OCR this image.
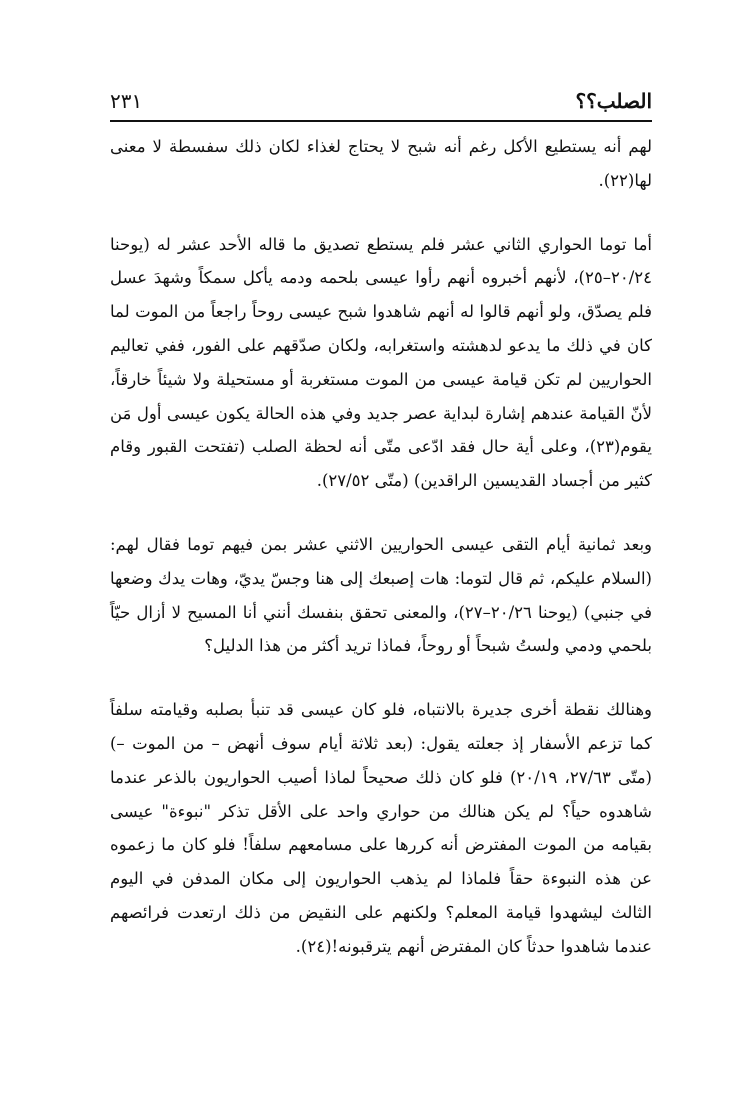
الصلب؟؟
٢٣١

لهم أنه يستطيع الأكل رغم أنه شبح لا يحتاج لغذاء لكان ذلك سفسطة لا معنى لها(٢٢).

أما توما الحواري الثاني عشر فلم يستطع تصديق ما قاله الأحد عشر له (يوحنا ٢٠/٢٤–٢٥)، لأنهم أخبروه أنهم رأوا عيسى بلحمه ودمه يأكل سمكاً وشهدَ عسل فلم يصدّق، ولو أنهم قالوا له أنهم شاهدوا شبح عيسى روحاً راجعاً من الموت لما كان في ذلك ما يدعو لدهشته واستغرابه، ولكان صدّقهم على الفور، ففي تعاليم الحواريين لم تكن قيامة عيسى من الموت مستغربة أو مستحيلة ولا شيئاً خارقاً، لأنّ القيامة عندهم إشارة لبداية عصر جديد وفي هذه الحالة يكون عيسى أول مَن يقوم(٢٣)، وعلى أية حال فقد ادّعى متّى أنه لحظة الصلب (تفتحت القبور وقام كثير من أجساد القديسين الراقدين) (متّى ٢٧/٥٢).

وبعد ثمانية أيام التقى عيسى الحواريين الاثني عشر بمن فيهم توما فقال لهم: (السلام عليكم، ثم قال لتوما: هات إصبعك إلى هنا وجسّ يديّ، وهات يدك وضعها في جنبي) (يوحنا ٢٠/٢٦–٢٧)، والمعنى تحقق بنفسك أنني أنا المسيح لا أزال حيّاً بلحمي ودمي ولستُ شبحاً أو روحاً، فماذا تريد أكثر من هذا الدليل؟

وهنالك نقطة أخرى جديرة بالانتباه، فلو كان عيسى قد تنبأ بصلبه وقيامته سلفاً كما تزعم الأسفار إذ جعلته يقول: (بعد ثلاثة أيام سوف أنهض – من الموت –) (متّى ٢٧/٦٣، ٢٠/١٩) فلو كان ذلك صحيحاً لماذا أصيب الحواريون بالذعر عندما شاهدوه حياً؟ لم يكن هنالك من حواري واحد على الأقل تذكر "نبوءة" عيسى بقيامه من الموت المفترض أنه كررها على مسامعهم سلفاً! فلو كان ما زعموه عن هذه النبوءة حقاً فلماذا لم يذهب الحواريون إلى مكان المدفن في اليوم الثالث ليشهدوا قيامة المعلم؟ ولكنهم على النقيض من ذلك ارتعدت فرائصهم عندما شاهدوا حدثاً كان المفترض أنهم يترقبونه!(٢٤).
